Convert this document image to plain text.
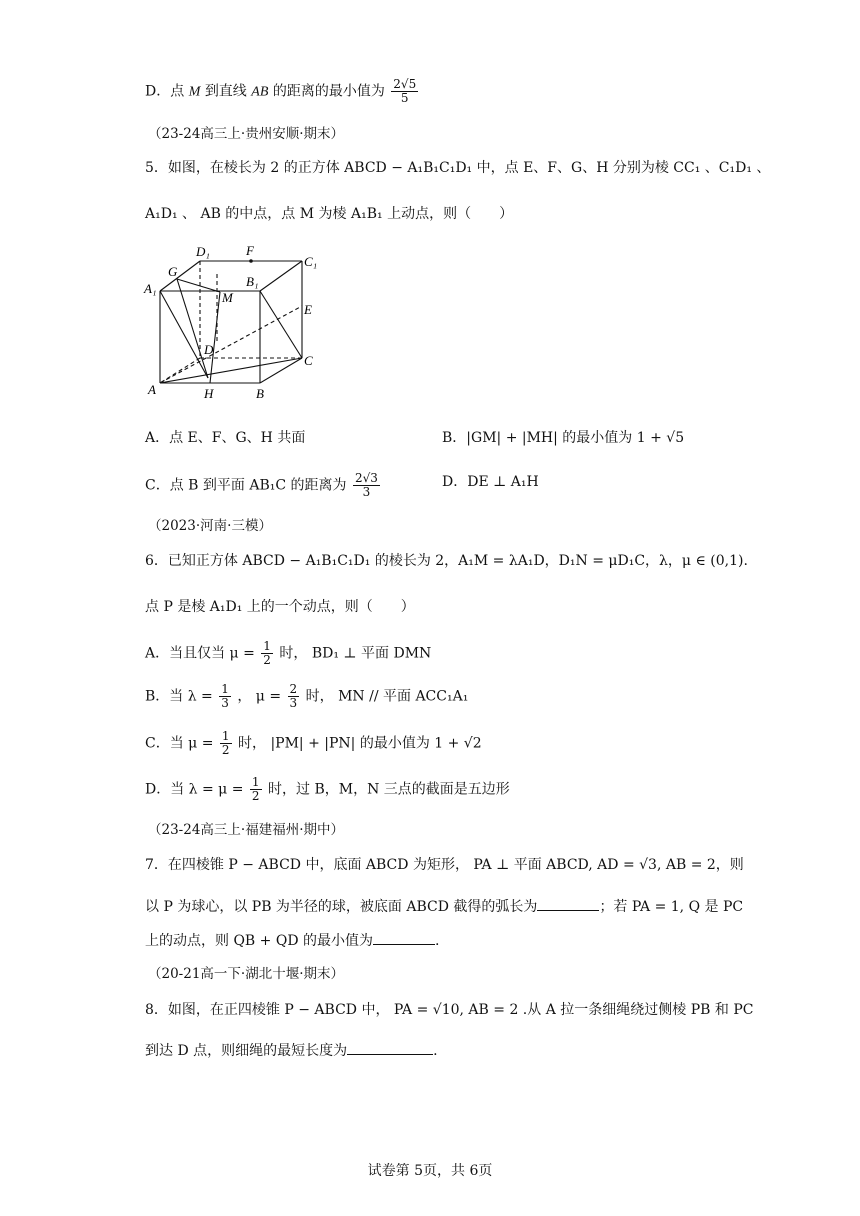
D．点 M 到直线 AB 的距离的最小值为 $\frac{2√5}{5}$
（23-24高三上·贵州安顺·期末）
5．如图，在棱长为 2 的正方体 ABCD − A₁B₁C₁D₁ 中，点 E、F、G、H 分别为棱 CC₁ 、C₁D₁ 、
A₁D₁ 、 AB 的中点，点 M 为棱 A₁B₁ 上动点，则（　　）
D₁	F
C₁
G
B₁
A₁
M
E
D
C
A	H	B
A．点 E、F、G、H 共面	B．|GM| + |MH| 的最小值为 1 + √5
C．点 B 到平面 AB₁C 的距离为 $\frac{2√3}{3}$	D．DE ⊥ A₁H
（2023·河南·三模）
6．已知正方体 ABCD − A₁B₁C₁D₁ 的棱长为 2，A₁M = λA₁D，D₁N = μD₁C，λ，μ ∈ (0,1).
点 P 是棱 A₁D₁ 上的一个动点，则（　　）
A．当且仅当 $\mu = \frac{1}{2}$ 时， BD₁ ⊥ 平面 DMN
B．当 $\lambda = \frac{1}{3}$ ， $\mu = \frac{2}{3}$ 时， MN // 平面 ACC₁A₁
C．当 $\mu = \frac{1}{2}$ 时， |PM| + |PN| 的最小值为 1 + √2
D．当 $\lambda = \mu = \frac{1}{2}$ 时，过 B，M，N 三点的截面是五边形
（23-24高三上·福建福州·期中）
7．在四棱锥 P − ABCD 中，底面 ABCD 为矩形， PA ⊥ 平面 ABCD, AD = √3, AB = 2，则
以 P 为球心，以 PB 为半径的球，被底面 ABCD 截得的弧长为	；若 PA = 1, Q 是 PC
上的动点，则 QB + QD 的最小值为	.
（20-21高一下·湖北十堰·期末）
8．如图，在正四棱锥 P − ABCD 中， PA = √10, AB = 2 .从 A 拉一条细绳绕过侧棱 PB 和 PC
到达 D 点，则细绳的最短长度为	.
试卷第 5页，共 6页
